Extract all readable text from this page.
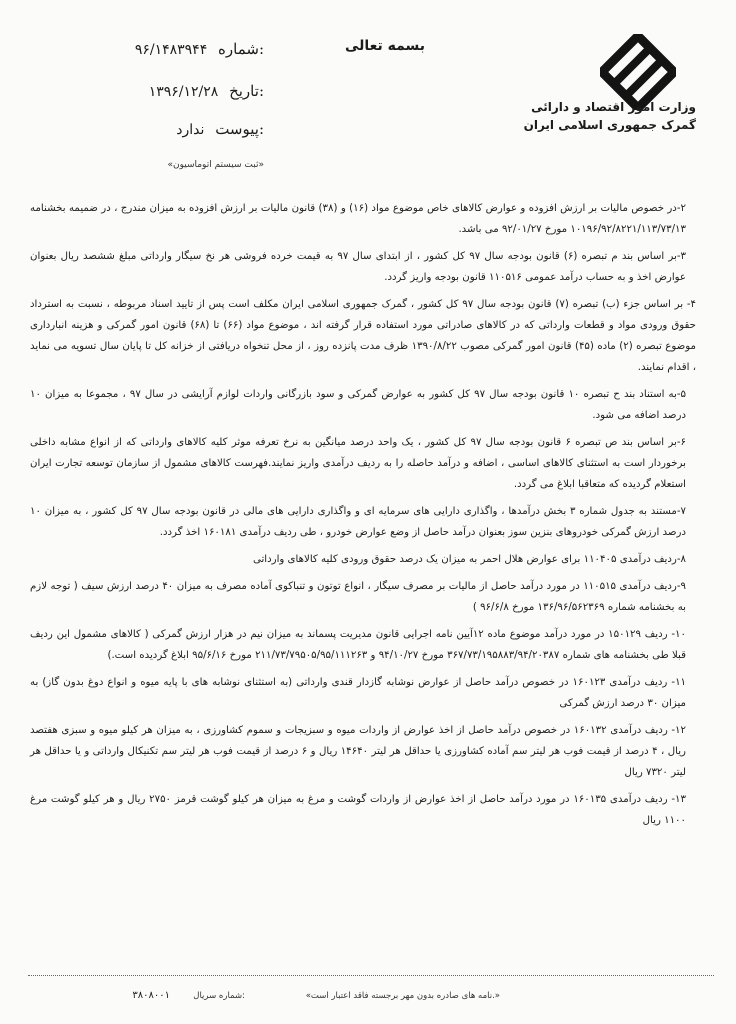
بسمه تعالی
وزارت امور اقتصاد و دارائی
گمرک جمهوری اسلامی ایران
۹۶/۱۴۸۳۹۴۴ شماره:
۱۳۹۶/۱۲/۲۸ تاریخ:
ندارد پیوست:
«ثبت سیستم اتوماسیون»

۲-در خصوص مالیات بر ارزش افزوده و عوارض کالاهای خاص موضوع مواد (۱۶) و (۳۸) قانون مالیات بر ارزش افزوده به میزان مندرج ، در ضمیمه بخشنامه ۱۰۱۹۶/۹۲/۸۲۲۱/۱۱۳/۷۳/۱۳ مورخ ۹۲/۰۱/۲۷ می باشد.

۳-بر اساس بند م تبصره (۶) قانون بودجه سال ۹۷ کل کشور ، از ابتدای سال ۹۷ به قیمت خرده فروشی هر نخ سیگار وارداتی مبلغ ششصد ریال بعنوان عوارض اخذ و به حساب درآمد عمومی ۱۱۰۵۱۶ قانون بودجه واریز گردد.

۴- بر اساس جزء (ب) تبصره (۷) قانون بودجه سال ۹۷ کل کشور ، گمرک جمهوری اسلامی ایران مکلف است پس از تایید اسناد مربوطه ، نسبت به استرداد حقوق ورودی مواد و قطعات وارداتی که در کالاهای صادراتی مورد استفاده قرار گرفته اند ، موضوع مواد (۶۶) تا (۶۸) قانون امور گمرکی و هزینه انبارداری موضوع تبصره (۲) ماده (۴۵) قانون امور گمرکی مصوب ۱۳۹۰/۸/۲۲ ظرف مدت پانزده روز ، از محل تنخواه دریافتی از خزانه کل تا پایان سال تسویه می نماید ، اقدام نمایند.

۵-به استناد بند ح تبصره ۱۰ قانون بودجه سال ۹۷ کل کشور به عوارض گمرکی و سود بازرگانی واردات لوازم آرایشی در سال ۹۷ ، مجموعا به میزان ۱۰ درصد اضافه می شود.

۶-بر اساس بند ص تبصره ۶ قانون بودجه سال ۹۷ کل کشور ، یک واحد درصد میانگین به نرخ تعرفه موثر کلیه کالاهای وارداتی که از انواع مشابه داخلی برخوردار است به استثنای کالاهای اساسی ، اضافه و درآمد حاصله را به ردیف درآمدی واریز نمایند.فهرست کالاهای مشمول از سازمان توسعه تجارت ایران استعلام گردیده که متعاقبا ابلاغ می گردد.

۷-مستند به جدول شماره ۳ بخش درآمدها ، واگذاری دارایی های سرمایه ای و واگذاری دارایی های مالی در قانون بودجه سال ۹۷ کل کشور ، به میزان ۱۰ درصد ارزش گمرکی خودروهای بنزین سوز بعنوان درآمد حاصل از وضع عوارض خودرو ، طی ردیف درآمدی ۱۶۰۱۸۱ اخذ گردد.

۸-ردیف درآمدی ۱۱۰۴۰۵ برای عوارض هلال احمر به میزان یک درصد حقوق ورودی کلیه کالاهای وارداتی

۹-ردیف درآمدی ۱۱۰۵۱۵ در مورد درآمد حاصل از مالیات بر مصرف سیگار ، انواع توتون و تنباکوی آماده مصرف به میزان ۴۰ درصد ارزش سیف ( توجه لازم به بخشنامه شماره ۱۳۶/۹۶/۵۶۲۳۶۹ مورخ ۹۶/۶/۸ )

۱۰- ردیف ۱۵۰۱۲۹ در مورد درآمد موضوع ماده ۱۲آیین نامه اجرایی قانون مدیریت پسماند به میزان نیم در هزار ارزش گمرکی ( کالاهای مشمول این ردیف قبلا طی بخشنامه های شماره ۳۶۷/۷۳/۱۹۵۸۸۳/۹۴/۲۰۳۸۷ مورخ ۹۴/۱۰/۲۷ و ۲۱۱/۷۳/۷۹۵۰۵/۹۵/۱۱۱۲۶۳ مورخ ۹۵/۶/۱۶ ابلاغ گردیده است.)

۱۱- ردیف درآمدی ۱۶۰۱۲۳ در خصوص درآمد حاصل از عوارض نوشابه گازدار قندی وارداتی (به استثنای نوشابه های با پایه میوه و انواع دوغ بدون گاز) به میزان ۳۰ درصد ارزش گمرکی

۱۲- ردیف درآمدی ۱۶۰۱۳۲ در خصوص درآمد حاصل از اخذ عوارض از واردات میوه و سبزیجات و سموم کشاورزی ، به میزان هر کیلو میوه و سبزی هفتصد ریال ، ۴ درصد از قیمت فوب هر لیتر سم آماده کشاورزی یا حداقل هر لیتر ۱۴۶۴۰ ریال و ۶ درصد از قیمت فوب هر لیتر سم تکنیکال وارداتی و یا حداقل هر لیتر ۷۳۲۰ ریال

۱۳- ردیف درآمدی ۱۶۰۱۳۵ در مورد درآمد حاصل از اخذ عوارض از واردات گوشت و مرغ به میزان هر کیلو گوشت قرمز ۲۷۵۰ ریال و هر کیلو گوشت مرغ ۱۱۰۰ ریال

«نامه های صادره بدون مهر برجسته فاقد اعتبار است.»
شماره سریال:
۳۸۰۸۰۰۱
